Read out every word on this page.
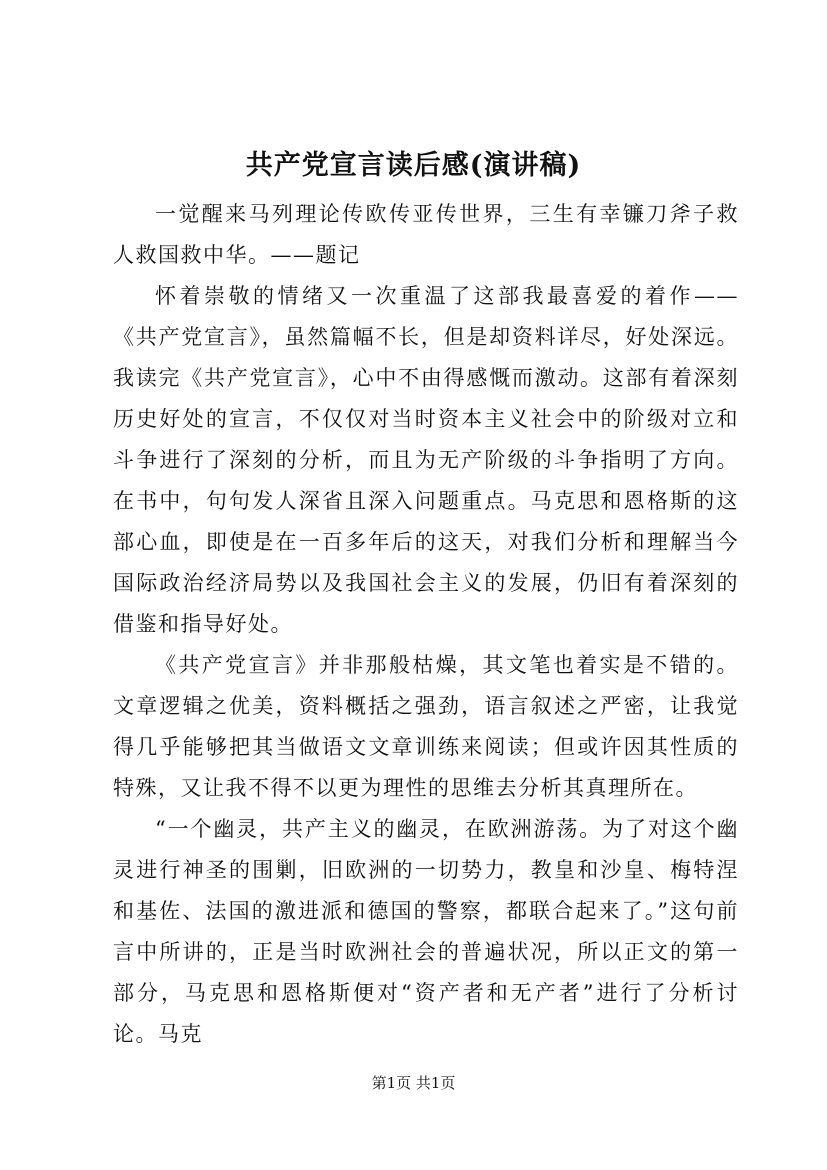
共产党宣言读后感(演讲稿)

一觉醒来马列理论传欧传亚传世界，三生有幸镰刀斧子救人救国救中华。——题记

怀着崇敬的情绪又一次重温了这部我最喜爱的着作——《共产党宣言》，虽然篇幅不长，但是却资料详尽，好处深远。我读完《共产党宣言》，心中不由得感慨而激动。这部有着深刻历史好处的宣言，不仅仅对当时资本主义社会中的阶级对立和斗争进行了深刻的分析，而且为无产阶级的斗争指明了方向。在书中，句句发人深省且深入问题重点。马克思和恩格斯的这部心血，即使是在一百多年后的这天，对我们分析和理解当今国际政治经济局势以及我国社会主义的发展，仍旧有着深刻的借鉴和指导好处。

《共产党宣言》并非那般枯燥，其文笔也着实是不错的。文章逻辑之优美，资料概括之强劲，语言叙述之严密，让我觉得几乎能够把其当做语文文章训练来阅读；但或许因其性质的特殊，又让我不得不以更为理性的思维去分析其真理所在。

“一个幽灵，共产主义的幽灵，在欧洲游荡。为了对这个幽灵进行神圣的围剿，旧欧洲的一切势力，教皇和沙皇、梅特涅和基佐、法国的激进派和德国的警察，都联合起来了。”这句前言中所讲的，正是当时欧洲社会的普遍状况，所以正文的第一部分，马克思和恩格斯便对“资产者和无产者”进行了分析讨论。马克

第1页 共1页
